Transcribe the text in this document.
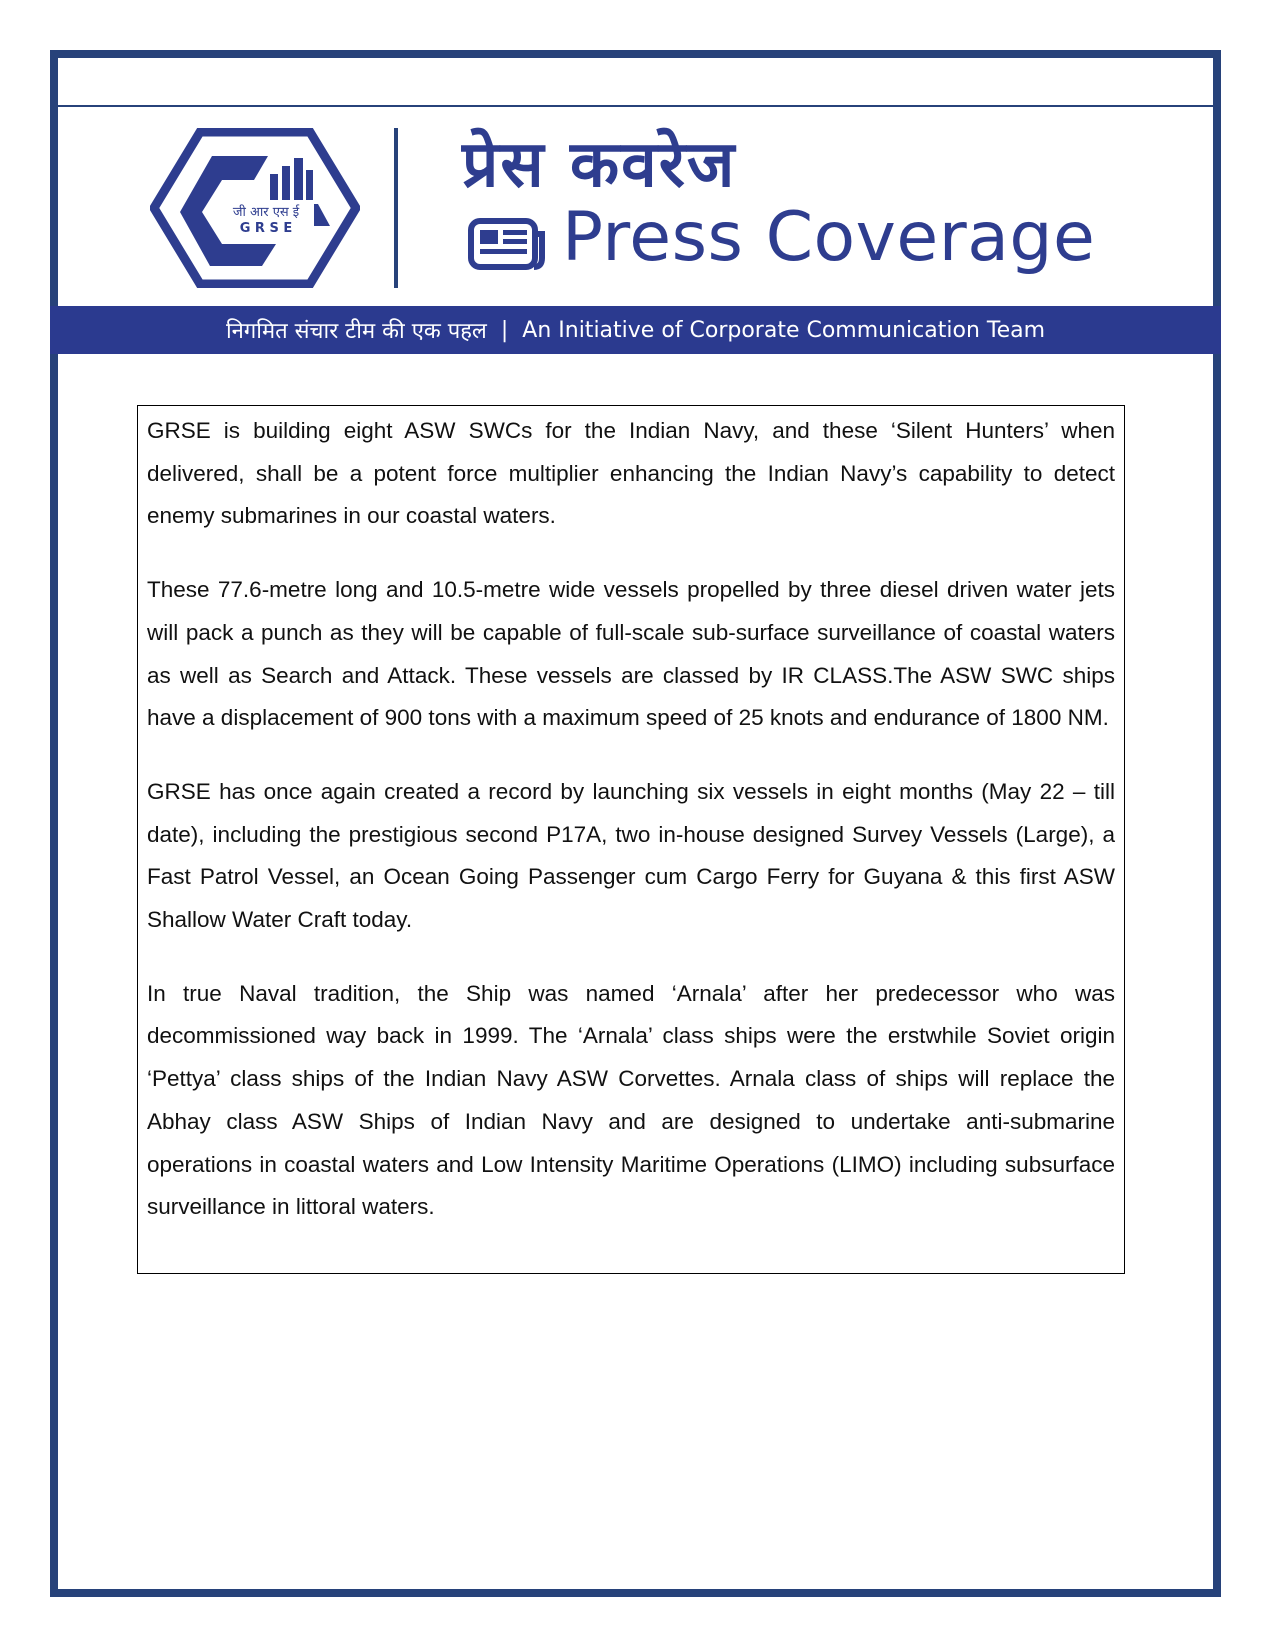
जी आर एस ई
G R S E
प्रेस कवरेज
Press Coverage
निगमित संचार टीम की एक पहल | An Initiative of Corporate Communication Team

GRSE is building eight ASW SWCs for the Indian Navy, and these ‘Silent Hunters’ when delivered, shall be a potent force multiplier enhancing the Indian Navy’s capability to detect enemy submarines in our coastal waters.

These 77.6-metre long and 10.5-metre wide vessels propelled by three diesel driven water jets will pack a punch as they will be capable of full-scale sub-surface surveillance of coastal waters as well as Search and Attack. These vessels are classed by IR CLASS.The ASW SWC ships have a displacement of 900 tons with a maximum speed of 25 knots and endurance of 1800 NM.

GRSE has once again created a record by launching six vessels in eight months (May 22 – till date), including the prestigious second P17A, two in-house designed Survey Vessels (Large), a Fast Patrol Vessel, an Ocean Going Passenger cum Cargo Ferry for Guyana & this first ASW Shallow Water Craft today.

In true Naval tradition, the Ship was named ‘Arnala’ after her predecessor who was decommissioned way back in 1999. The ‘Arnala’ class ships were the erstwhile Soviet origin ‘Pettya’ class ships of the Indian Navy ASW Corvettes. Arnala class of ships will replace the Abhay class ASW Ships of Indian Navy and are designed to undertake anti-submarine operations in coastal waters and Low Intensity Maritime Operations (LIMO) including subsurface surveillance in littoral waters.
